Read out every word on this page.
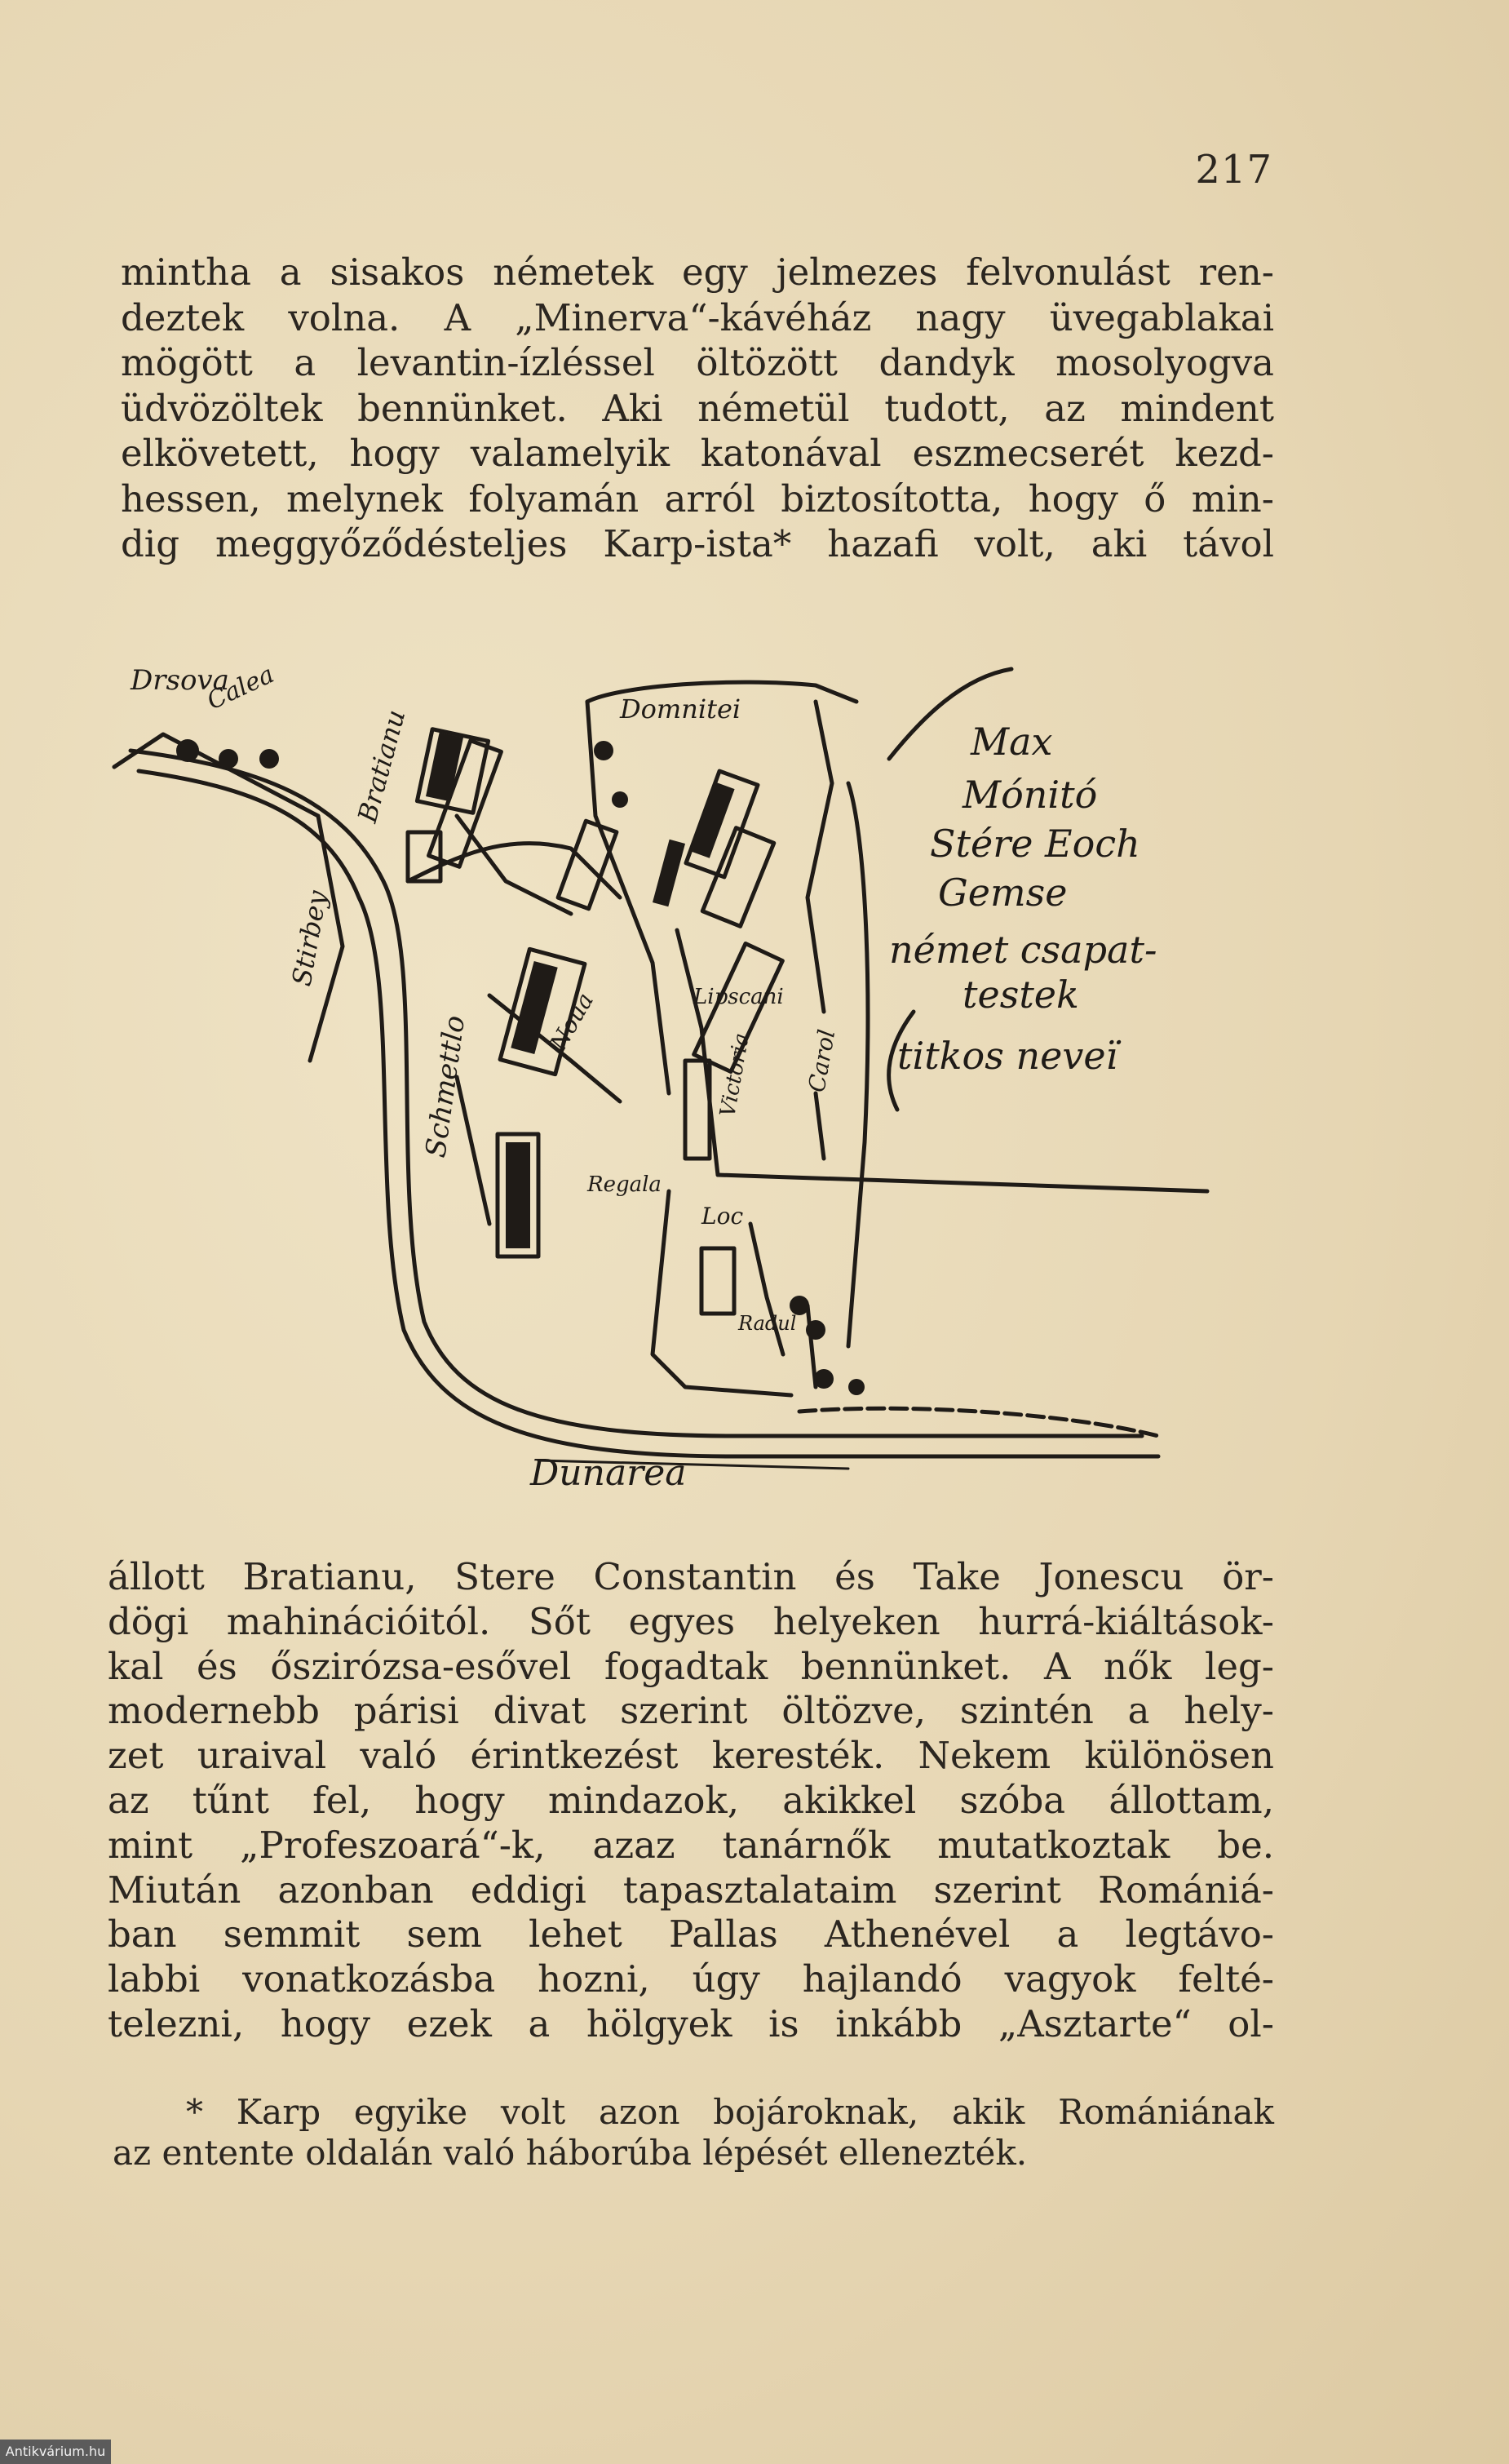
217
mintha a sisakos németek egy jelmezes felvonulást ren-
deztek volna. A „Minerva“-kávéház nagy üvegablakai
mögött a levantin-ízléssel öltözött dandyk mosolyogva
üdvözöltek bennünket. Aki németül tudott, az mindent
elkövetett, hogy valamelyik katonával eszmecserét kezd-
hessen, melynek folyamán arról biztosította, hogy ő min-
dig meggyőződésteljes Karp-ista* hazafi volt, aki távol
Drsova
Calea	Domnitei
Bratianu
Stirbey
Lipscani
Schmettlo	Noua
Regala
Loc
Radul
Dunarea
Victoria Carol
Max
Mónitó
Stére Eoch
Gemse
német csapat-
testek
titkos neveï
állott Bratianu, Stere Constantin és Take Jonescu ör-
dögi mahinációitól. Sőt egyes helyeken hurrá-kiáltások-
kal és őszirózsa-esővel fogadtak bennünket. A nők leg-
modernebb párisi divat szerint öltözve, szintén a hely-
zet uraival való érintkezést keresték. Nekem különösen
az tűnt fel, hogy mindazok, akikkel szóba állottam,
mint „Profeszoará“-k, azaz tanárnők mutatkoztak be.
Miután azonban eddigi tapasztalataim szerint Romániá-
ban semmit sem lehet Pallas Athenével a legtávo-
labbi vonatkozásba hozni, úgy hajlandó vagyok felté-
telezni, hogy ezek a hölgyek is inkább „Asztarte“ ol-
* Karp egyike volt azon bojároknak, akik Romániának
az entente oldalán való háborúba lépését ellenezték.
Antikvárium.hu
